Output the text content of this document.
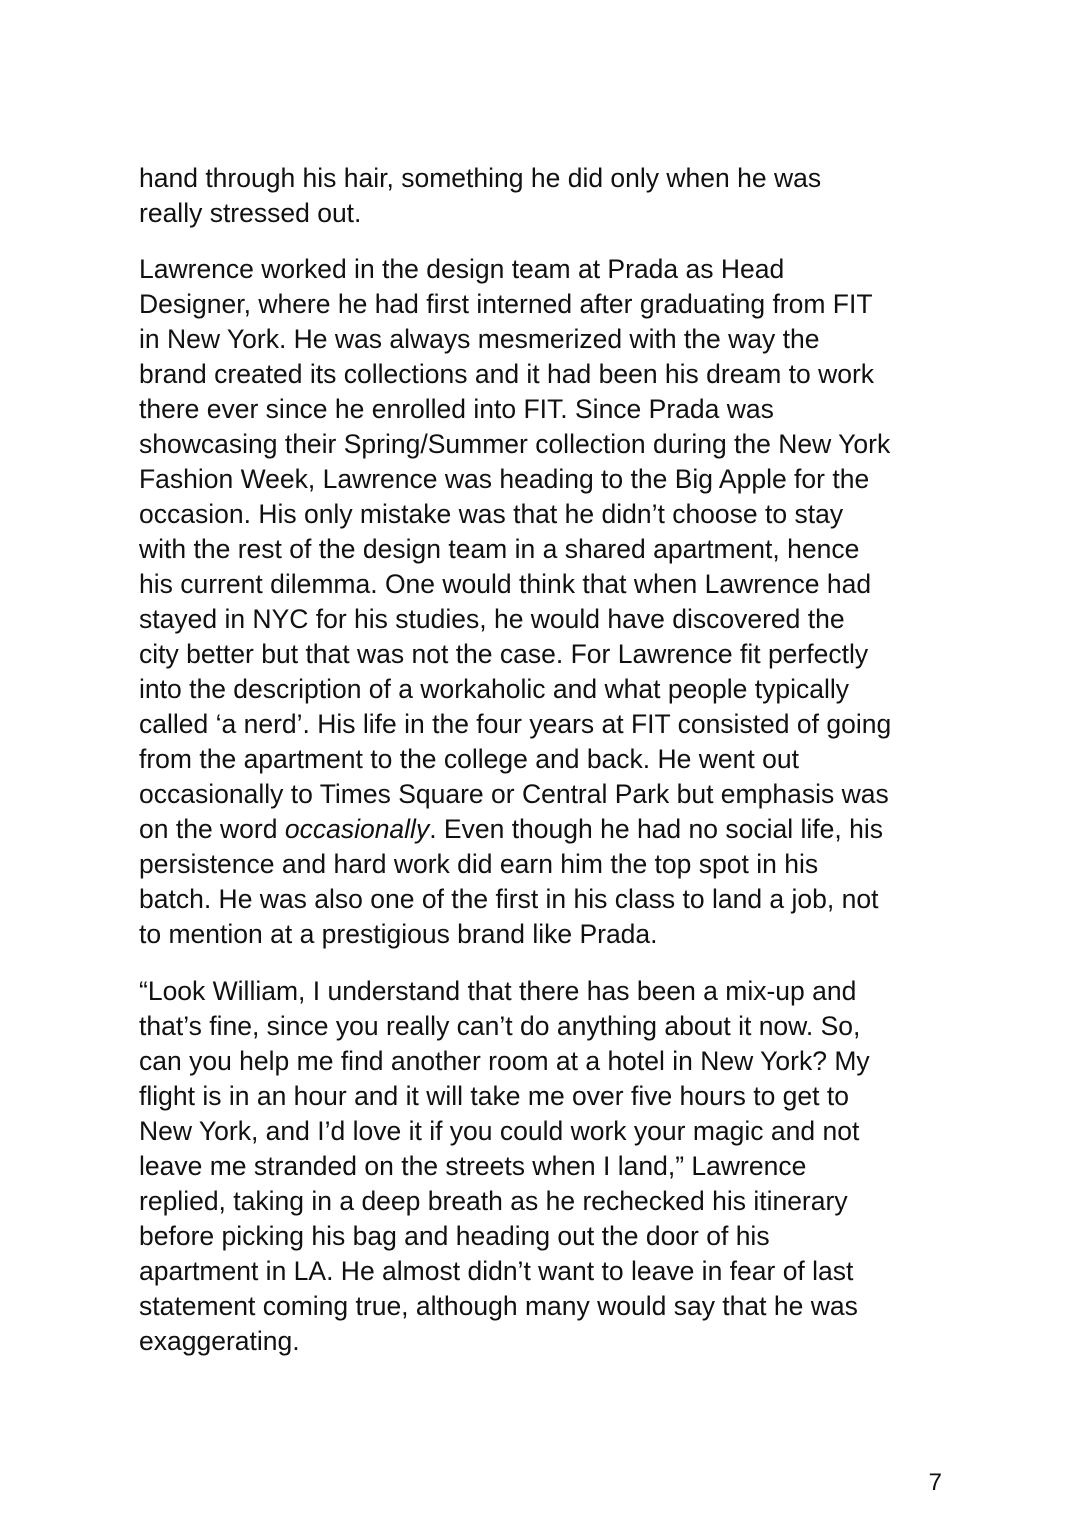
hand through his hair, something he did only when he was
really stressed out.
Lawrence worked in the design team at Prada as Head
Designer, where he had first interned after graduating from FIT
in New York. He was always mesmerized with the way the
brand created its collections and it had been his dream to work
there ever since he enrolled into FIT. Since Prada was
showcasing their Spring/Summer collection during the New York
Fashion Week, Lawrence was heading to the Big Apple for the
occasion. His only mistake was that he didn’t choose to stay
with the rest of the design team in a shared apartment, hence
his current dilemma. One would think that when Lawrence had
stayed in NYC for his studies, he would have discovered the
city better but that was not the case. For Lawrence fit perfectly
into the description of a workaholic and what people typically
called ‘a nerd’. His life in the four years at FIT consisted of going
from the apartment to the college and back. He went out
occasionally to Times Square or Central Park but emphasis was
on the word occasionally. Even though he had no social life, his
persistence and hard work did earn him the top spot in his
batch. He was also one of the first in his class to land a job, not
to mention at a prestigious brand like Prada.
“Look William, I understand that there has been a mix-up and
that’s fine, since you really can’t do anything about it now. So,
can you help me find another room at a hotel in New York? My
flight is in an hour and it will take me over five hours to get to
New York, and I’d love it if you could work your magic and not
leave me stranded on the streets when I land,” Lawrence
replied, taking in a deep breath as he rechecked his itinerary
before picking his bag and heading out the door of his
apartment in LA. He almost didn’t want to leave in fear of last
statement coming true, although many would say that he was
exaggerating.
7
